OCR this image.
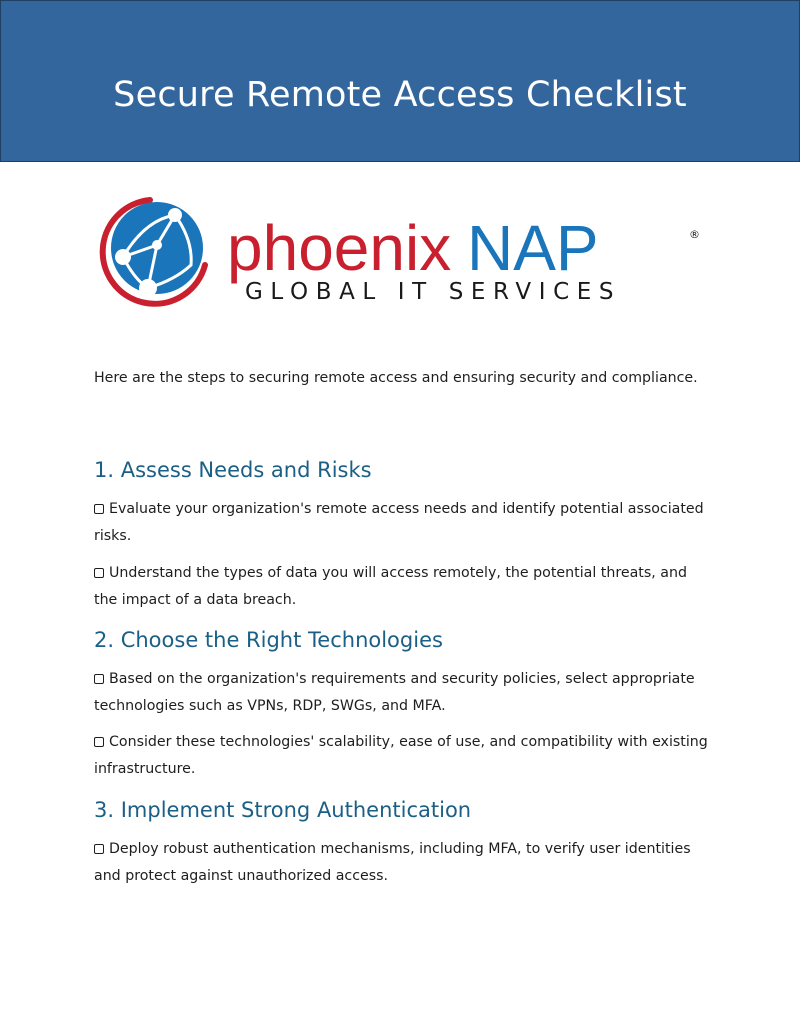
Secure Remote Access Checklist
phoenix NAP	®
GLOBAL IT SERVICES

Here are the steps to securing remote access and ensuring security and compliance.

1. Assess Needs and Risks

Evaluate your organization's remote access needs and identify potential associated risks.

Understand the types of data you will access remotely, the potential threats, and the impact of a data breach.

2. Choose the Right Technologies

Based on the organization's requirements and security policies, select appropriate technologies such as VPNs, RDP, SWGs, and MFA.

Consider these technologies' scalability, ease of use, and compatibility with existing infrastructure.

3. Implement Strong Authentication

Deploy robust authentication mechanisms, including MFA, to verify user identities and protect against unauthorized access.
